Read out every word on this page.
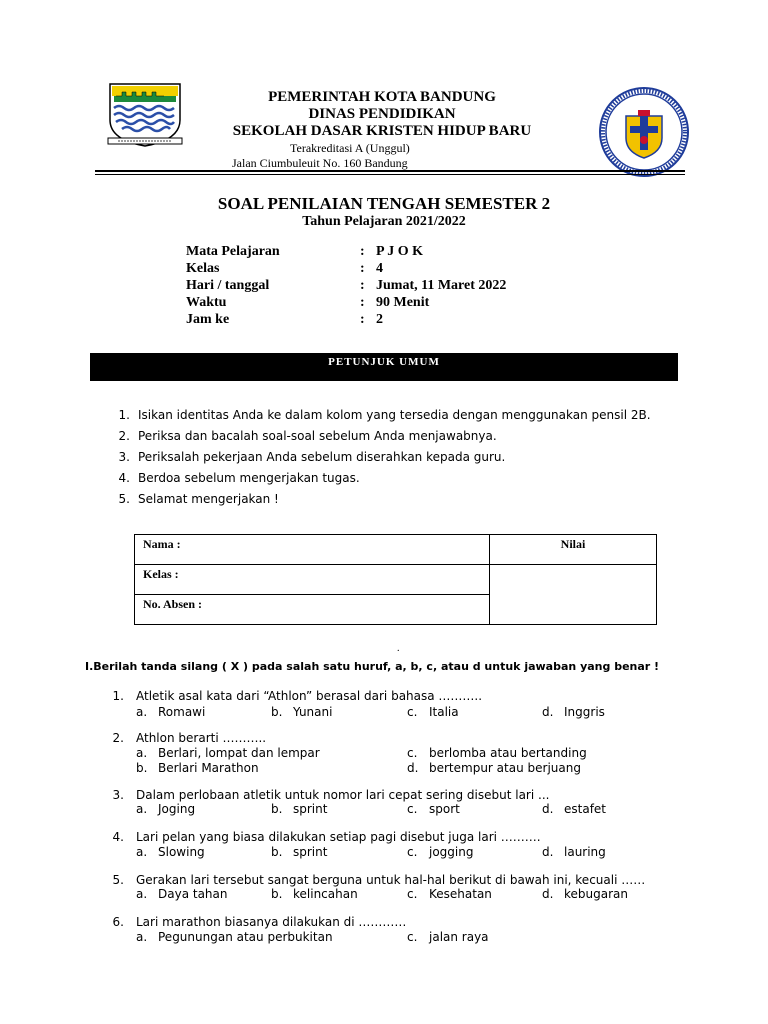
PEMERINTAH KOTA BANDUNG
DINAS PENDIDIKAN
SEKOLAH DASAR KRISTEN HIDUP BARU
Terakreditasi A (Unggul)
Jalan Ciumbuleuit No. 160 Bandung
SOAL PENILAIAN TENGAH SEMESTER 2
Tahun Pelajaran 2021/2022
Mata Pelajaran	: P J O K
Kelas	: 4
Hari / tanggal	: Jumat, 11 Maret 2022
Waktu	: 90 Menit
Jam ke	: 2
PETUNJUK UMUM
1. Isikan identitas Anda ke dalam kolom yang tersedia dengan menggunakan pensil 2B.
2. Periksa dan bacalah soal-soal sebelum Anda menjawabnya.
3. Periksalah pekerjaan Anda sebelum diserahkan kepada guru.
4. Berdoa sebelum mengerjakan tugas.
5. Selamat mengerjakan !
Nama :	Nilai
Kelas :	
No. Absen :	
.
I.Berilah tanda silang ( X ) pada salah satu huruf, a, b, c, atau d untuk jawaban yang benar !
1. Atletik asal kata dari “Athlon” berasal dari bahasa ………..
a. Romawi	b. Yunani	c. Italia	d. Inggris
2. Athlon berarti ………..
a. Berlari, lompat dan lempar	c. berlomba atau bertanding
b. Berlari Marathon	d. bertempur atau berjuang
3. Dalam perlobaan atletik untuk nomor lari cepat sering disebut lari ...
a. Joging	b. sprint	c. sport	d. estafet
4. Lari pelan yang biasa dilakukan setiap pagi disebut juga lari ……….
a. Slowing	b. sprint	c. jogging	d. lauring
5. Gerakan lari tersebut sangat berguna untuk hal-hal berikut di bawah ini, kecuali ……
a. Daya tahan	b. kelincahan	c. Kesehatan	d. kebugaran
6. Lari marathon biasanya dilakukan di …………
a. Pegunungan atau perbukitan	c. jalan raya
